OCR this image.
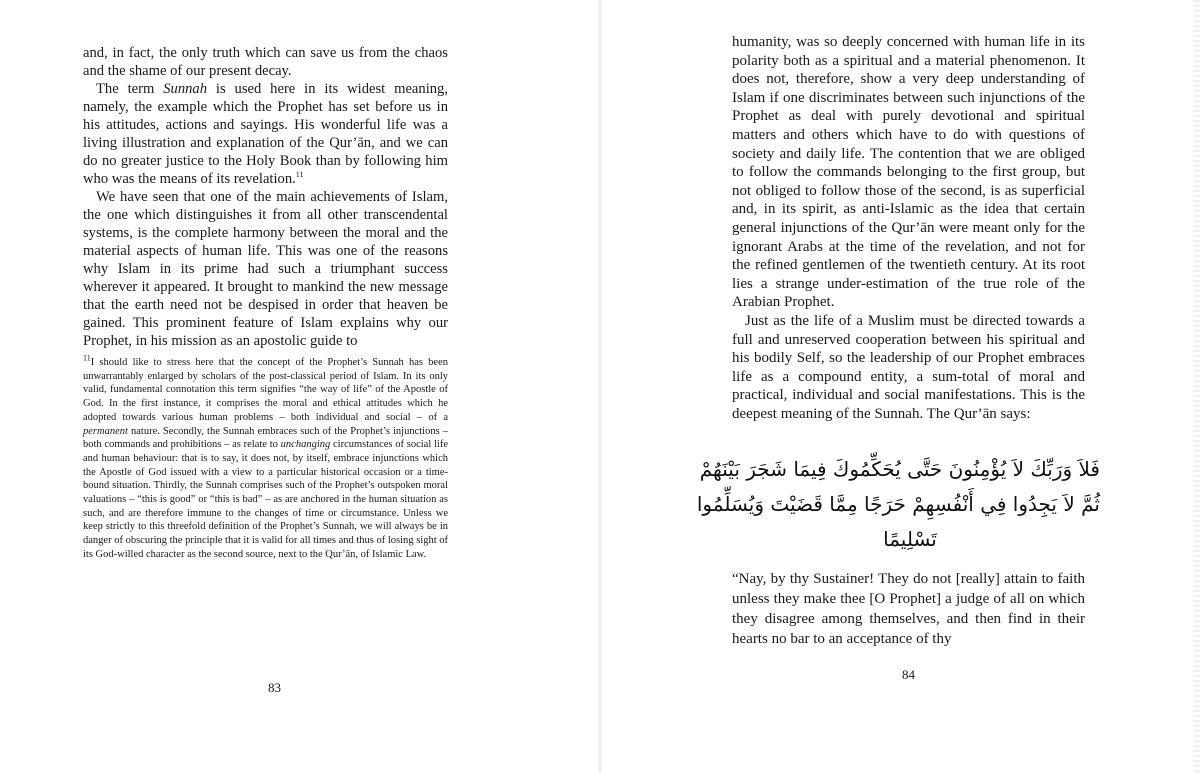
and, in fact, the only truth which can save us from the chaos and the shame of our present decay.

The term Sunnah is used here in its widest meaning, namely, the example which the Prophet has set before us in his attitudes, actions and sayings. His wonderful life was a living illustration and explanation of the Qur’ān, and we can do no greater justice to the Holy Book than by following him who was the means of its revelation.$^{11}$

We have seen that one of the main achievements of Islam, the one which distinguishes it from all other transcendental systems, is the complete harmony between the moral and the material aspects of human life. This was one of the reasons why Islam in its prime had such a triumphant success wherever it appeared. It brought to mankind the new message that the earth need not be despised in order that heaven be gained. This prominent feature of Islam explains why our Prophet, in his mission as an apostolic guide to

$^{11}$I should like to stress here that the concept of the Prophet’s Sunnah has been unwarrantably enlarged by scholars of the post-classical period of Islam. In its only valid, fundamental connotation this term signifies “the way of life” of the Apostle of God. In the first instance, it comprises the moral and ethical attitudes which he adopted towards various human problems – both individual and social – of a permanent nature. Secondly, the Sunnah embraces such of the Prophet’s injunctions – both commands and prohibitions – as relate to unchanging circumstances of social life and human behaviour: that is to say, it does not, by itself, embrace injunctions which the Apostle of God issued with a view to a particular historical occasion or a time-bound situation. Thirdly, the Sunnah comprises such of the Prophet’s outspoken moral valuations – “this is good” or “this is bad” – as are anchored in the human situation as such, and are therefore immune to the changes of time or circumstance. Unless we keep strictly to this threefold definition of the Prophet’s Sunnah, we will always be in danger of obscuring the principle that it is valid for all times and thus of losing sight of its God-willed character as the second source, next to the Qur’ān, of Islamic Law.

83

humanity, was so deeply concerned with human life in its polarity both as a spiritual and a material phenomenon. It does not, therefore, show a very deep understanding of Islam if one discriminates between such injunctions of the Prophet as deal with purely devotional and spiritual matters and others which have to do with questions of society and daily life. The contention that we are obliged to follow the commands belonging to the first group, but not obliged to follow those of the second, is as superficial and, in its spirit, as anti-Islamic as the idea that certain general injunctions of the Qur’ān were meant only for the ignorant Arabs at the time of the revelation, and not for the refined gentlemen of the twentieth century. At its root lies a strange under-estimation of the true role of the Arabian Prophet.

Just as the life of a Muslim must be directed towards a full and unreserved cooperation between his spiritual and his bodily Self, so the leadership of our Prophet embraces life as a compound entity, a sum-total of moral and practical, individual and social manifestations. This is the deepest meaning of the Sunnah. The Qur’ān says:

فَلاَ وَرَبِّكَ لاَ يُؤْمِنُونَ حَتَّى يُحَكِّمُوكَ فِيمَا شَجَرَ بَيْنَهُمْ
ثُمَّ لاَ يَجِدُوا فِي أَنْفُسِهِمْ حَرَجًا مِمَّا قَضَيْتَ وَيُسَلِّمُوا
تَسْلِيمًا

“Nay, by thy Sustainer! They do not [really] attain to faith unless they make thee [O Prophet] a judge of all on which they disagree among themselves, and then find in their hearts no bar to an acceptance of thy

84
